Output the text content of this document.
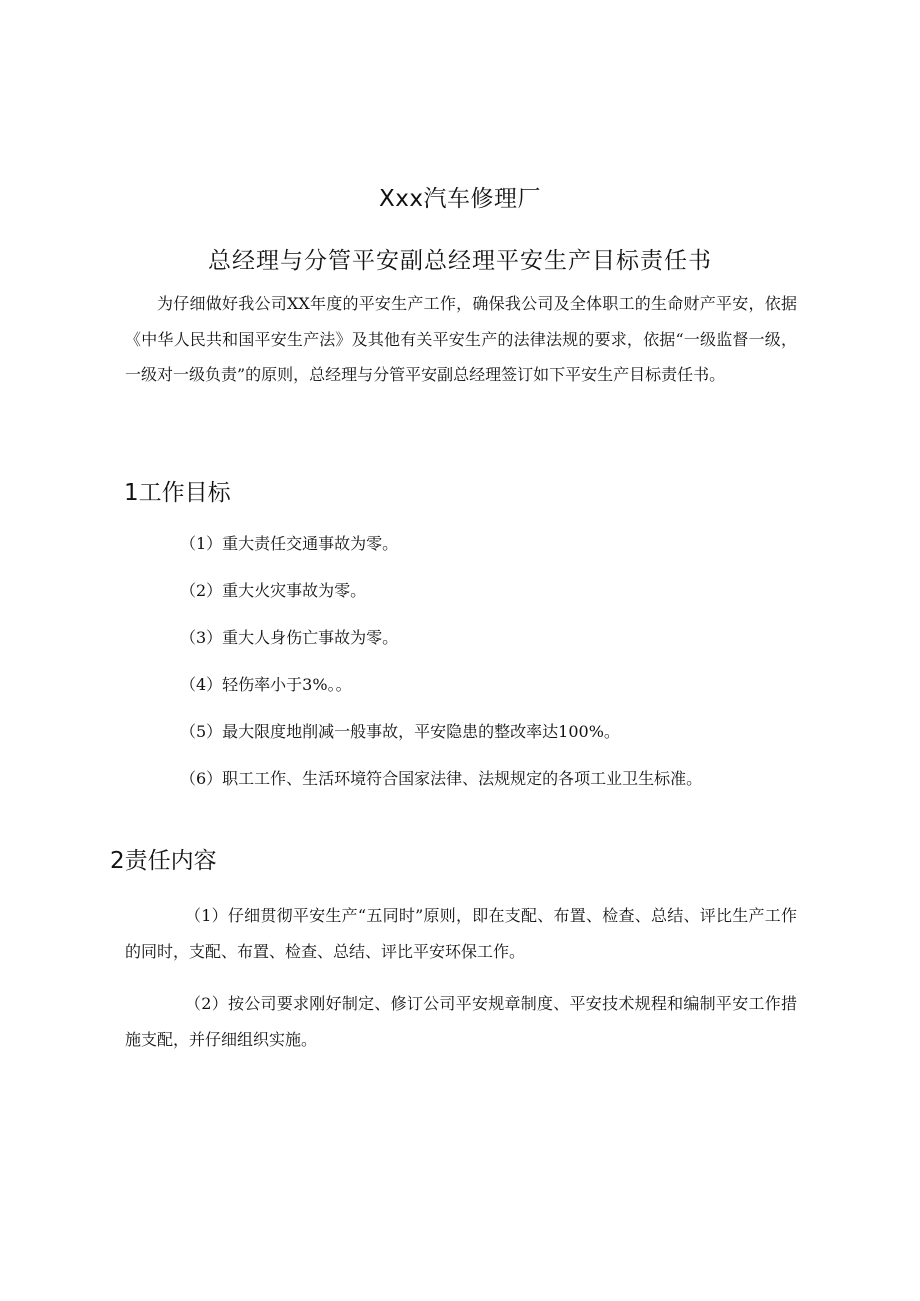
Xxx汽车修理厂
总经理与分管平安副总经理平安生产目标责任书

为仔细做好我公司XX年度的平安生产工作，确保我公司及全体职工的生命财产平安，依据《中华人民共和国平安生产法》及其他有关平安生产的法律法规的要求，依据“一级监督一级，一级对一级负责”的原则，总经理与分管平安副总经理签订如下平安生产目标责任书。

1工作目标
（1）重大责任交通事故为零。
（2）重大火灾事故为零。
（3）重大人身伤亡事故为零。
（4）轻伤率小于3%。。
（5）最大限度地削减一般事故，平安隐患的整改率达100%。
（6）职工工作、生活环境符合国家法律、法规规定的各项工业卫生标准。
2责任内容

（1）仔细贯彻平安生产“五同时”原则，即在支配、布置、检查、总结、评比生产工作的同时，支配、布置、检查、总结、评比平安环保工作。

（2）按公司要求刚好制定、修订公司平安规章制度、平安技术规程和编制平安工作措施支配，并仔细组织实施。
